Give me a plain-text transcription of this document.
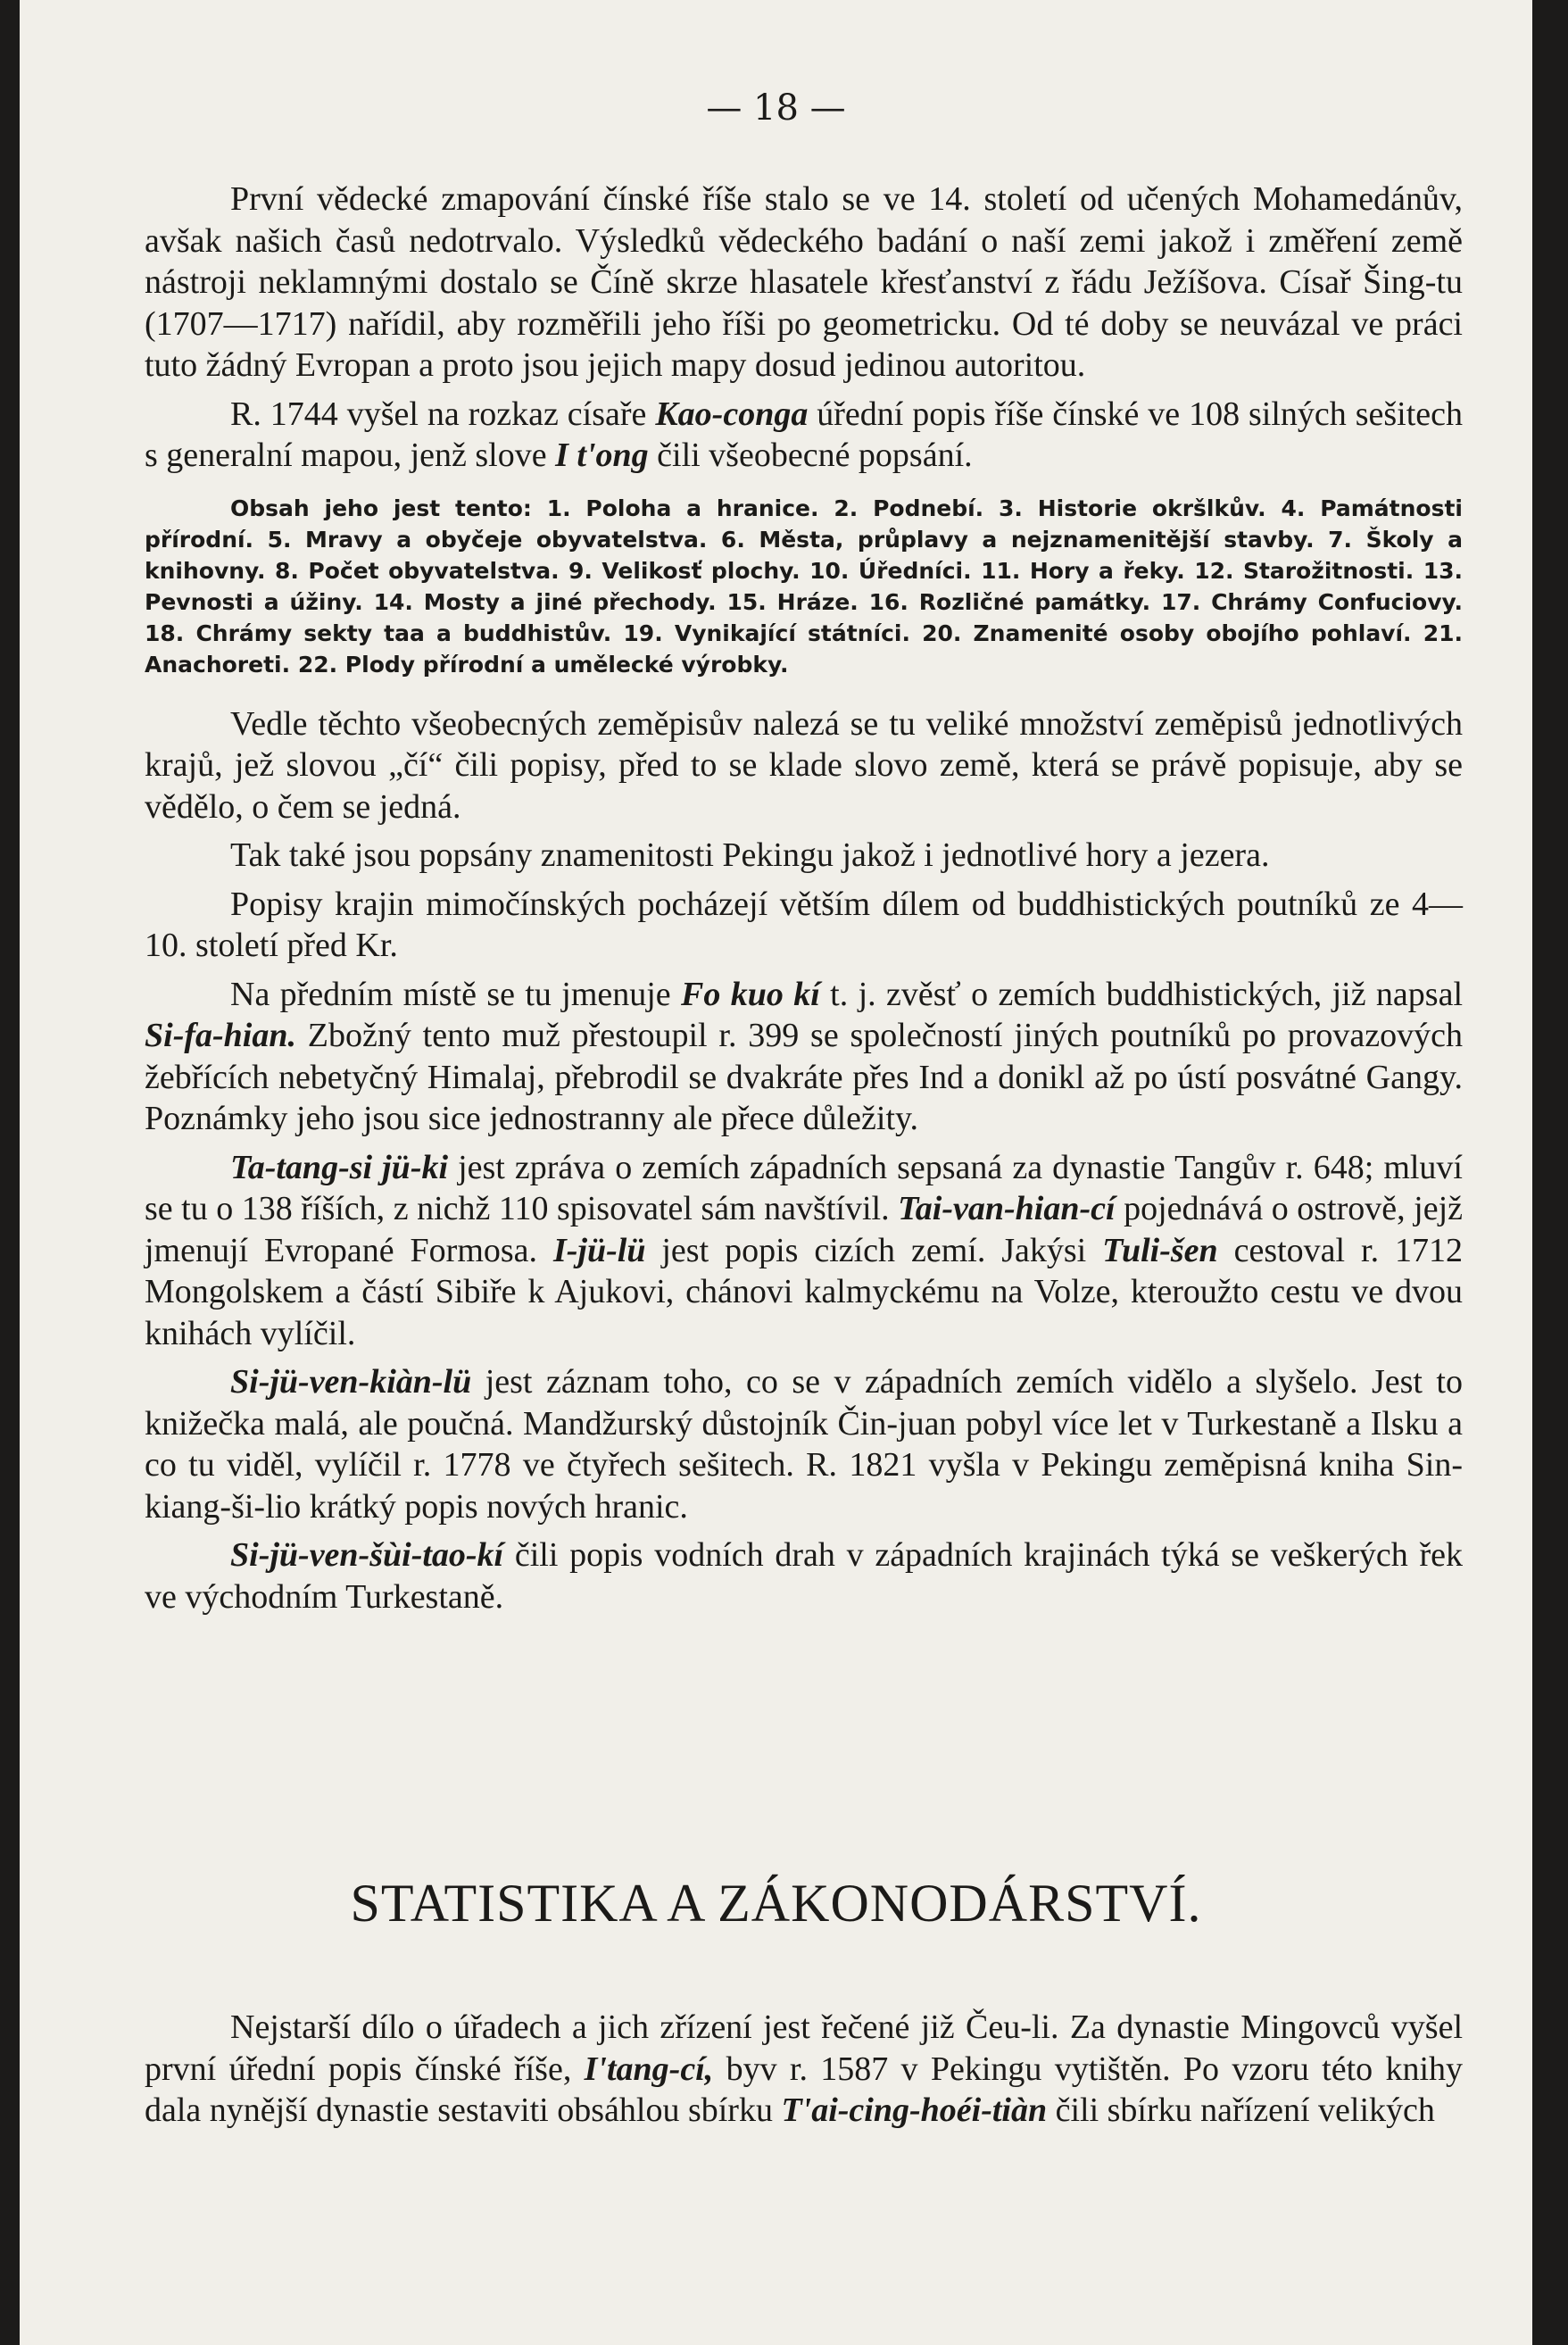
— 18 —

První vědecké zmapování čínské říše stalo se ve 14. století od učených Mohamedánův, avšak našich časů nedotrvalo. Výsledků vědeckého badání o naší zemi jakož i změření země nástroji neklamnými dostalo se Číně skrze hlasatele křesťanství z řádu Ježíšova. Císař Šing-tu (1707—1717) nařídil, aby rozměřili jeho říši po geometricku. Od té doby se neuvázal ve práci tuto žádný Evropan a proto jsou jejich mapy dosud jedinou autoritou.

R. 1744 vyšel na rozkaz císaře Kao-conga úřední popis říše čínské ve 108 silných sešitech s generalní mapou, jenž slove I t'ong čili všeobecné popsání.

Obsah jeho jest tento: 1. Poloha a hranice. 2. Podnebí. 3. Historie okršlkův. 4. Památnosti přírodní. 5. Mravy a obyčeje obyvatelstva. 6. Města, průplavy a nejznamenitější stavby. 7. Školy a knihovny. 8. Počet obyvatelstva. 9. Velikosť plochy. 10. Úředníci. 11. Hory a řeky. 12. Starožitnosti. 13. Pevnosti a úžiny. 14. Mosty a jiné přechody. 15. Hráze. 16. Rozličné památky. 17. Chrámy Confuciovy. 18. Chrámy sekty taa a buddhistův. 19. Vynikající státníci. 20. Znamenité osoby obojího pohlaví. 21. Anachoreti. 22. Plody přírodní a umělecké výrobky.

Vedle těchto všeobecných zeměpisův nalezá se tu veliké množství zeměpisů jednotlivých krajů, jež slovou „čí“ čili popisy, před to se klade slovo země, která se právě popisuje, aby se vědělo, o čem se jedná.

Tak také jsou popsány znamenitosti Pekingu jakož i jednotlivé hory a jezera.

Popisy krajin mimočínských pocházejí větším dílem od buddhistických poutníků ze 4—10. století před Kr.

Na předním místě se tu jmenuje Fo kuo kí t. j. zvěsť o zemích buddhistických, již napsal Si-fa-hian. Zbožný tento muž přestoupil r. 399 se společností jiných poutníků po provazových žebřících nebetyčný Himalaj, přebrodil se dvakráte přes Ind a donikl až po ústí posvátné Gangy. Poznámky jeho jsou sice jednostranny ale přece důležity.

Ta-tang-si jü-ki jest zpráva o zemích západních sepsaná za dynastie Tangův r. 648; mluví se tu o 138 říších, z nichž 110 spisovatel sám navštívil. Tai-van-hian-cí pojednává o ostrově, jejž jmenují Evropané Formosa. I-jü-lü jest popis cizích zemí. Jakýsi Tuli-šen cestoval r. 1712 Mongolskem a částí Sibiře k Ajukovi, chánovi kalmyckému na Volze, kteroužto cestu ve dvou knihách vylíčil.

Si-jü-ven-kiàn-lü jest záznam toho, co se v západních zemích vidělo a slyšelo. Jest to knižečka malá, ale poučná. Mandžurský důstojník Čin-juan pobyl více let v Turkestaně a Ilsku a co tu viděl, vylíčil r. 1778 ve čtyřech sešitech. R. 1821 vyšla v Pekingu zeměpisná kniha Sin-kiang-ši-lio krátký popis nových hranic.

Si-jü-ven-šùi-tao-kí čili popis vodních drah v západních krajinách týká se veškerých řek ve východním Turkestaně.

STATISTIKA A ZÁKONODÁRSTVÍ.

Nejstarší dílo o úřadech a jich zřízení jest řečené již Čeu-li. Za dynastie Mingovců vyšel první úřední popis čínské říše, I'tang-cí, byv r. 1587 v Pekingu vytištěn. Po vzoru této knihy dala nynější dynastie sestaviti obsáhlou sbírku T'ai-cing-hoéi-tiàn čili sbírku nařízení velikých
